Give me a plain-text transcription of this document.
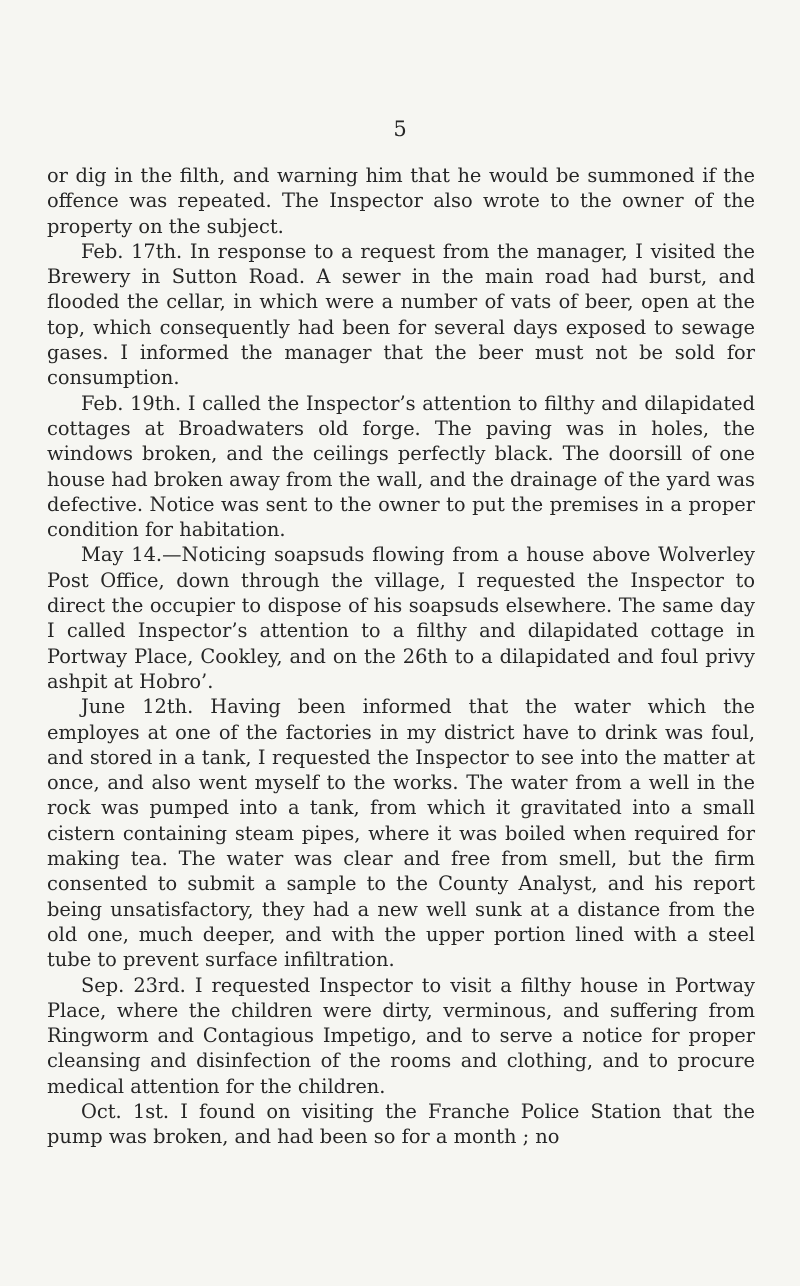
5

or dig in the filth, and warning him that he would be summoned if the offence was repeated. The Inspector also wrote to the owner of the property on the subject.

Feb. 17th. In response to a request from the manager, I visited the Brewery in Sutton Road. A sewer in the main road had burst, and flooded the cellar, in which were a number of vats of beer, open at the top, which consequently had been for several days exposed to sewage gases. I informed the manager that the beer must not be sold for consumption.

Feb. 19th. I called the Inspector’s attention to filthy and dilapidated cottages at Broadwaters old forge. The paving was in holes, the windows broken, and the ceilings perfectly black. The doorsill of one house had broken away from the wall, and the drainage of the yard was defective. Notice was sent to the owner to put the premises in a proper condition for habitation.

May 14.—Noticing soapsuds flowing from a house above Wolverley Post Office, down through the village, I requested the Inspector to direct the occupier to dispose of his soapsuds elsewhere. The same day I called Inspector’s attention to a filthy and dilapidated cottage in Portway Place, Cookley, and on the 26th to a dilapidated and foul privy ashpit at Hobro’.

June 12th. Having been informed that the water which the employes at one of the factories in my district have to drink was foul, and stored in a tank, I requested the Inspector to see into the matter at once, and also went myself to the works. The water from a well in the rock was pumped into a tank, from which it gravitated into a small cistern containing steam pipes, where it was boiled when required for making tea. The water was clear and free from smell, but the firm consented to submit a sample to the County Analyst, and his report being unsatisfactory, they had a new well sunk at a distance from the old one, much deeper, and with the upper portion lined with a steel tube to prevent surface infiltration.

Sep. 23rd. I requested Inspector to visit a filthy house in Portway Place, where the children were dirty, verminous, and suffering from Ringworm and Contagious Impetigo, and to serve a notice for proper cleansing and disinfection of the rooms and clothing, and to procure medical attention for the children.

Oct. 1st. I found on visiting the Franche Police Station that the pump was broken, and had been so for a month ; no
